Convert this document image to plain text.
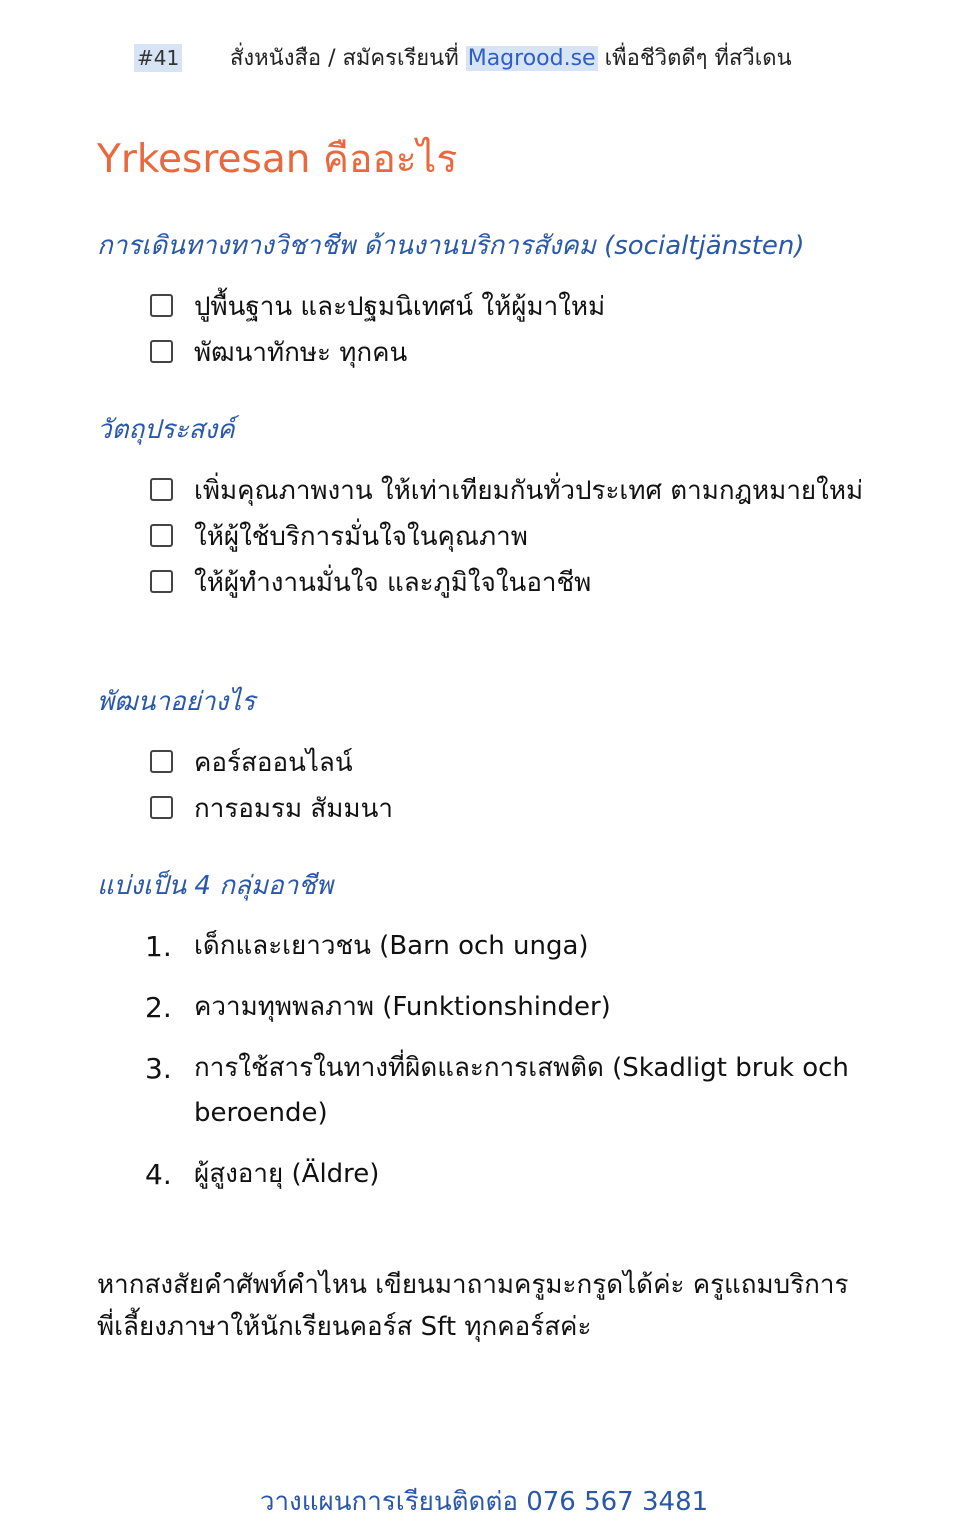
#41 สั่งหนังสือ / สมัครเรียนที่ Magrood.se เพื่อชีวิตดีๆ ที่สวีเดน
Yrkesresan คืออะไร
การเดินทางทางวิชาชีพ ด้านงานบริการสังคม (socialtjänsten)
ปูพื้นฐาน และปฐมนิเทศน์ ให้ผู้มาใหม่
พัฒนาทักษะ ทุกคน
วัตถุประสงค์
เพิ่มคุณภาพงาน ให้เท่าเทียมกันทั่วประเทศ ตามกฎหมายใหม่
ให้ผู้ใช้บริการมั่นใจในคุณภาพ
ให้ผู้ทำงานมั่นใจ และภูมิใจในอาชีพ
พัฒนาอย่างไร
คอร์สออนไลน์
การอมรม สัมมนา
แบ่งเป็น 4 กลุ่มอาชีพ
1. เด็กและเยาวชน (Barn och unga)
2. ความทุพพลภาพ (Funktionshinder)
3. การใช้สารในทางที่ผิดและการเสพติด (Skadligt bruk och beroende)
4. ผู้สูงอายุ (Äldre)

หากสงสัยคำศัพท์คำไหน เขียนมาถามครูมะกรูดได้ค่ะ ครูแถมบริการพี่เลี้ยงภาษาให้นักเรียนคอร์ส Sft ทุกคอร์สค่ะ

วางแผนการเรียนติดต่อ 076 567 3481
